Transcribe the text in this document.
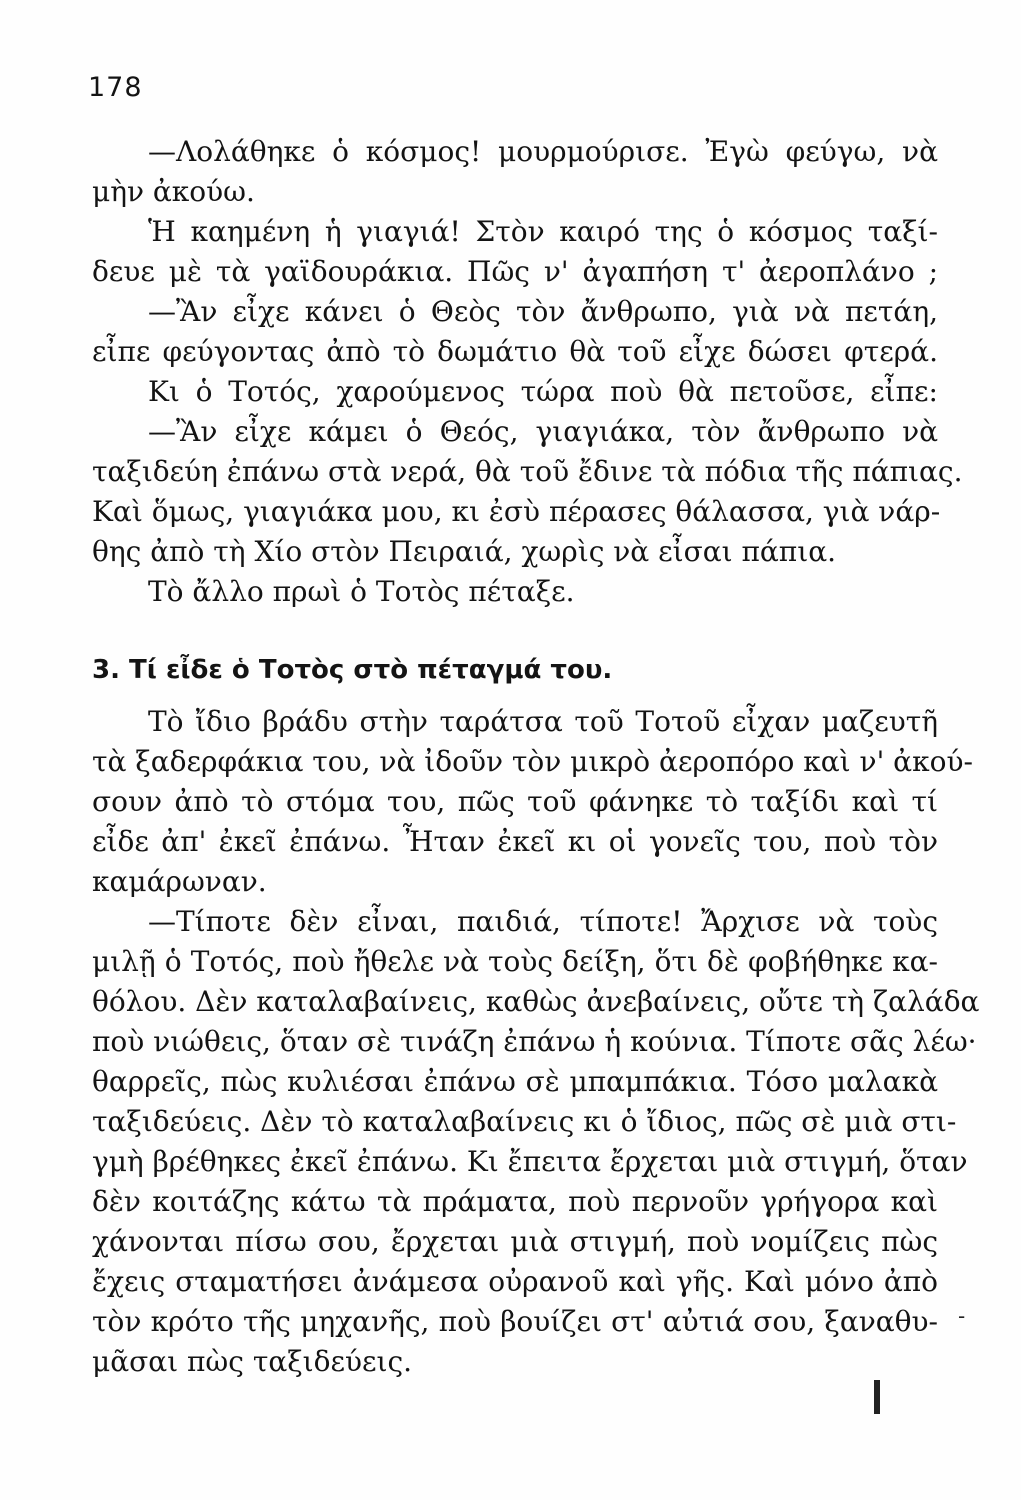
178
—Λολάθηκε ὁ κόσμος! μουρμούρισε. Ἐγὼ φεύγω, νὰ
μὴν ἀκούω.
Ἡ καημένη ἡ γιαγιά! Στὸν καιρό της ὁ κόσμος ταξί-
δευε μὲ τὰ γαϊδουράκια. Πῶς ν' ἀγαπήση τ' ἀεροπλάνο ;
—Ἂν εἶχε κάνει ὁ Θεὸς τὸν ἄνθρωπο, γιὰ νὰ πετάη,
εἶπε φεύγοντας ἀπὸ τὸ δωμάτιο θὰ τοῦ εἶχε δώσει φτερά.
Κι ὁ Τοτός, χαρούμενος τώρα ποὺ θὰ πετοῦσε, εἶπε:
—Ἂν εἶχε κάμει ὁ Θεός, γιαγιάκα, τὸν ἄνθρωπο νὰ
ταξιδεύη ἐπάνω στὰ νερά, θὰ τοῦ ἔδινε τὰ πόδια τῆς πάπιας.
Καὶ ὅμως, γιαγιάκα μου, κι ἐσὺ πέρασες θάλασσα, γιὰ νάρ-
θης ἀπὸ τὴ Χίο στὸν Πειραιά, χωρὶς νὰ εἶσαι πάπια.
Τὸ ἄλλο πρωὶ ὁ Τοτὸς πέταξε.
3. Τί εἶδε ὁ Τοτὸς στὸ πέταγμά του.
Τὸ ἴδιο βράδυ στὴν ταράτσα τοῦ Τοτοῦ εἶχαν μαζευτῆ
τὰ ξαδερφάκια του, νὰ ἰδοῦν τὸν μικρὸ ἀεροπόρο καὶ ν' ἀκού-
σουν ἀπὸ τὸ στόμα του, πῶς τοῦ φάνηκε τὸ ταξίδι καὶ τί
εἶδε ἀπ' ἐκεῖ ἐπάνω. Ἦταν ἐκεῖ κι οἱ γονεῖς του, ποὺ τὸν
καμάρωναν.
—Τίποτε δὲν εἶναι, παιδιά, τίποτε! Ἄρχισε νὰ τοὺς
μιλῇ ὁ Τοτός, ποὺ ἤθελε νὰ τοὺς δείξη, ὅτι δὲ φοβήθηκε κα-
θόλου. Δὲν καταλαβαίνεις, καθὼς ἀνεβαίνεις, οὔτε τὴ ζαλάδα
ποὺ νιώθεις, ὅταν σὲ τινάζη ἐπάνω ἡ κούνια. Τίποτε σᾶς λέω·
θαρρεῖς, πὼς κυλιέσαι ἐπάνω σὲ μπαμπάκια. Τόσο μαλακὰ
ταξιδεύεις. Δὲν τὸ καταλαβαίνεις κι ὁ ἴδιος, πῶς σὲ μιὰ στι-
γμὴ βρέθηκες ἐκεῖ ἐπάνω. Κι ἔπειτα ἔρχεται μιὰ στιγμή, ὅταν
δὲν κοιτάζης κάτω τὰ πράματα, ποὺ περνοῦν γρήγορα καὶ
χάνονται πίσω σου, ἔρχεται μιὰ στιγμή, ποὺ νομίζεις πὼς
ἔχεις σταματήσει ἀνάμεσα οὐρανοῦ καὶ γῆς. Καὶ μόνο ἀπὸ
τὸν κρότο τῆς μηχανῆς, ποὺ βουίζει στ' αὐτιά σου, ξαναθυ-
μᾶσαι πὼς ταξιδεύεις.
-
